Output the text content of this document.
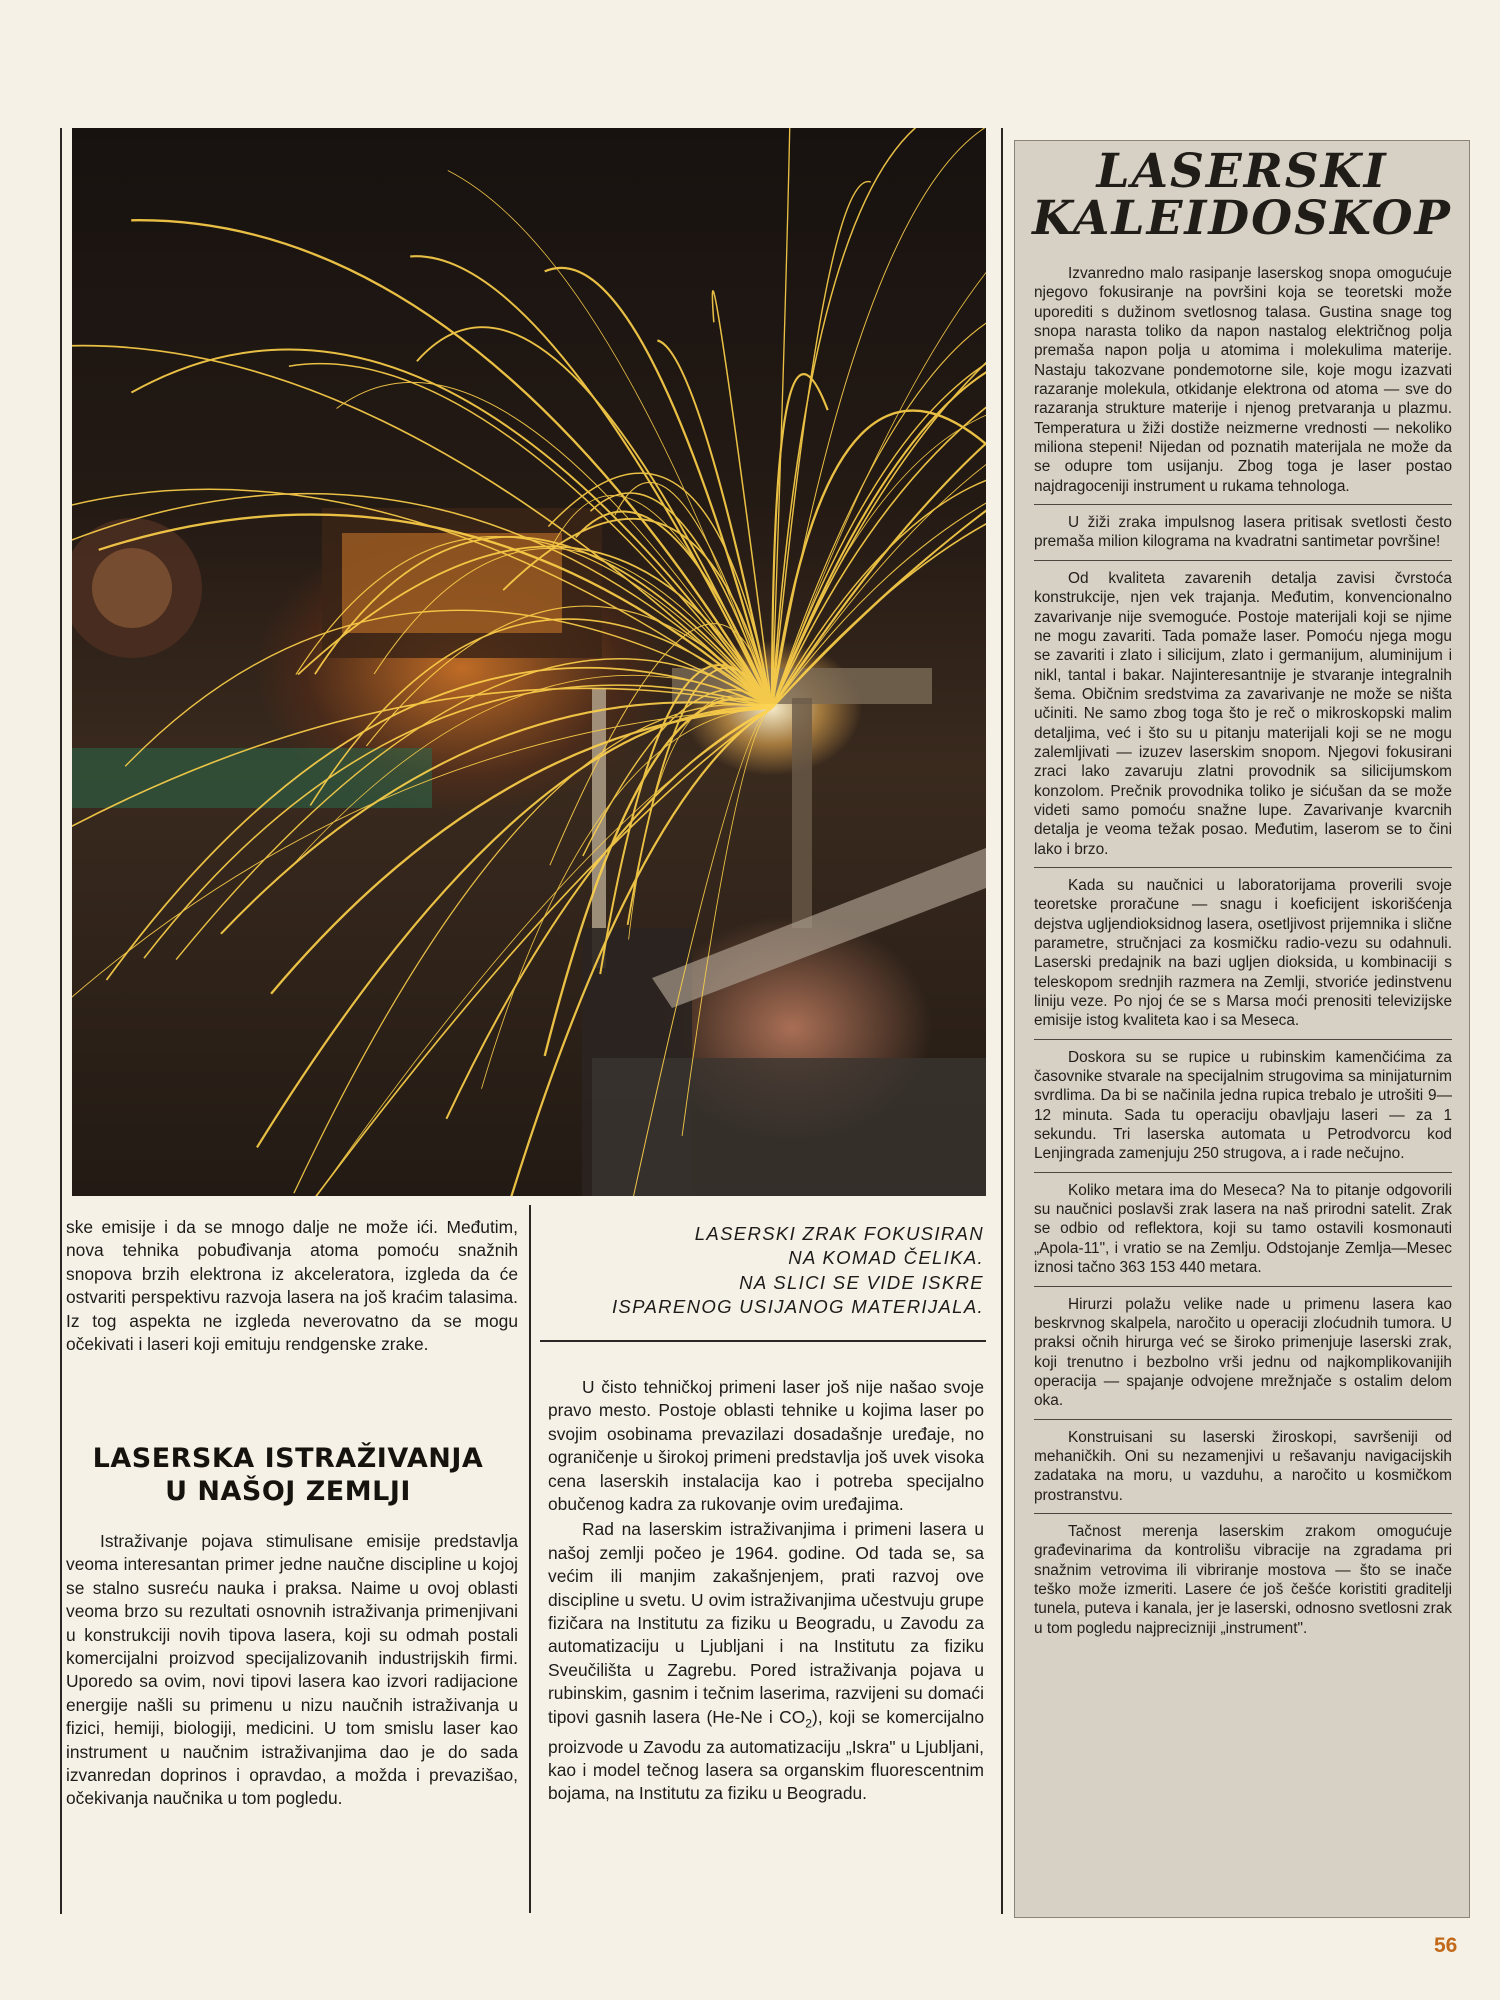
ske emisije i da se mnogo dalje ne može ići. Međutim, nova tehnika pobuđivanja atoma pomoću snažnih snopova brzih elektrona iz akceleratora, izgleda da će ostvariti perspektivu razvoja lasera na još kraćim talasima. Iz tog aspekta ne izgleda neverovatno da se mogu očekivati i laseri koji emituju rendgenske zrake.

LASERSKA ISTRAŽIVANJA
U NAŠOJ ZEMLJI

Istraživanje pojava stimulisane emisije predstavlja veoma interesantan primer jedne naučne discipline u kojoj se stalno susreću nauka i praksa. Naime u ovoj oblasti veoma brzo su rezultati osnovnih istraživanja primenjivani u konstrukciji novih tipova lasera, koji su odmah postali komercijalni proizvod specijalizovanih industrijskih firmi. Uporedo sa ovim, novi tipovi lasera kao izvori radijacione energije našli su primenu u nizu naučnih istraživanja u fizici, hemiji, biologiji, medicini. U tom smislu laser kao instrument u naučnim istraživanjima dao je do sada izvanredan doprinos i opravdao, a možda i prevazišao, očekivanja naučnika u tom pogledu.

LASERSKI ZRAK FOKUSIRAN
NA KOMAD ČELIKA.
NA SLICI SE VIDE ISKRE
ISPARENOG USIJANOG MATERIJALA.

U čisto tehničkoj primeni laser još nije našao svoje pravo mesto. Postoje oblasti tehnike u kojima laser po svojim osobinama prevazilazi dosadašnje uređaje, no ograničenje u širokoj primeni predstavlja još uvek visoka cena laserskih instalacija kao i potreba specijalno obučenog kadra za rukovanje ovim uređajima.

Rad na laserskim istraživanjima i primeni lasera u našoj zemlji počeo je 1964. godine. Od tada se, sa većim ili manjim zakašnjenjem, prati razvoj ove discipline u svetu. U ovim istraživanjima učestvuju grupe fizičara na Institutu za fiziku u Beogradu, u Zavodu za automatizaciju u Ljubljani i na Institutu za fiziku Sveučilišta u Zagrebu. Pored istraživanja pojava u rubinskim, gasnim i tečnim laserima, razvijeni su domaći tipovi gasnih lasera (He-Ne i $CO_2$), koji se komercijalno proizvode u Zavodu za automatizaciju „Iskra" u Ljubljani, kao i model tečnog lasera sa organskim fluorescentnim bojama, na Institutu za fiziku u Beogradu.

LASERSKI
KALEIDOSKOP

Izvanredno malo rasipanje laserskog snopa omogućuje njegovo fokusiranje na površini koja se teoretski može uporediti s dužinom svetlosnog talasa. Gustina snage tog snopa narasta toliko da napon nastalog električnog polja premaša napon polja u atomima i molekulima materije. Nastaju takozvane pondemotorne sile, koje mogu izazvati razaranje molekula, otkidanje elektrona od atoma — sve do razaranja strukture materije i njenog pretvaranja u plazmu. Temperatura u žiži dostiže neizmerne vrednosti — nekoliko miliona stepeni! Nijedan od poznatih materijala ne može da se odupre tom usijanju. Zbog toga je laser postao najdragoceniji instrument u rukama tehnologa.

U žiži zraka impulsnog lasera pritisak svetlosti često premaša milion kilograma na kvadratni santimetar površine!

Od kvaliteta zavarenih detalja zavisi čvrstoća konstrukcije, njen vek trajanja. Međutim, konvencionalno zavarivanje nije svemoguće. Postoje materijali koji se njime ne mogu zavariti. Tada pomaže laser. Pomoću njega mogu se zavariti i zlato i silicijum, zlato i germanijum, aluminijum i nikl, tantal i bakar. Najinteresantnije je stvaranje integralnih šema. Običnim sredstvima za zavarivanje ne može se ništa učiniti. Ne samo zbog toga što je reč o mikroskopski malim detaljima, već i što su u pitanju materijali koji se ne mogu zalemljivati — izuzev laserskim snopom. Njegovi fokusirani zraci lako zavaruju zlatni provodnik sa silicijumskom konzolom. Prečnik provodnika toliko je sićušan da se može videti samo pomoću snažne lupe. Zavarivanje kvarcnih detalja je veoma težak posao. Međutim, laserom se to čini lako i brzo.

Kada su naučnici u laboratorijama proverili svoje teoretske proračune — snagu i koeficijent iskorišćenja dejstva ugljendioksidnog lasera, osetljivost prijemnika i slične parametre, stručnjaci za kosmičku radio-vezu su odahnuli. Laserski predajnik na bazi ugljen dioksida, u kombinaciji s teleskopom srednjih razmera na Zemlji, stvoriće jedinstvenu liniju veze. Po njoj će se s Marsa moći prenositi televizijske emisije istog kvaliteta kao i sa Meseca.

Doskora su se rupice u rubinskim kamenčićima za časovnike stvarale na specijalnim strugovima sa minijaturnim svrdlima. Da bi se načinila jedna rupica trebalo je utrošiti 9—12 minuta. Sada tu operaciju obavljaju laseri — za 1 sekundu. Tri laserska automata u Petrodvorcu kod Lenjingrada zamenjuju 250 strugova, a i rade nečujno.

Koliko metara ima do Meseca? Na to pitanje odgovorili su naučnici poslavši zrak lasera na naš prirodni satelit. Zrak se odbio od reflektora, koji su tamo ostavili kosmonauti „Apola-11", i vratio se na Zemlju. Odstojanje Zemlja—Mesec iznosi tačno 363 153 440 metara.

Hirurzi polažu velike nade u primenu lasera kao beskrvnog skalpela, naročito u operaciji zloćudnih tumora. U praksi očnih hirurga već se široko primenjuje laserski zrak, koji trenutno i bezbolno vrši jednu od najkomplikovanijih operacija — spajanje odvojene mrežnjače s ostalim delom oka.

Konstruisani su laserski žiroskopi, savršeniji od mehaničkih. Oni su nezamenjivi u rešavanju navigacijskih zadataka na moru, u vazduhu, a naročito u kosmičkom prostranstvu.

Tačnost merenja laserskim zrakom omogućuje građevinarima da kontrolišu vibracije na zgradama pri snažnim vetrovima ili vibriranje mostova — što se inače teško može izmeriti. Lasere će još češće koristiti graditelji tunela, puteva i kanala, jer je laserski, odnosno svetlosni zrak u tom pogledu najprecizniji „instrument".

56
